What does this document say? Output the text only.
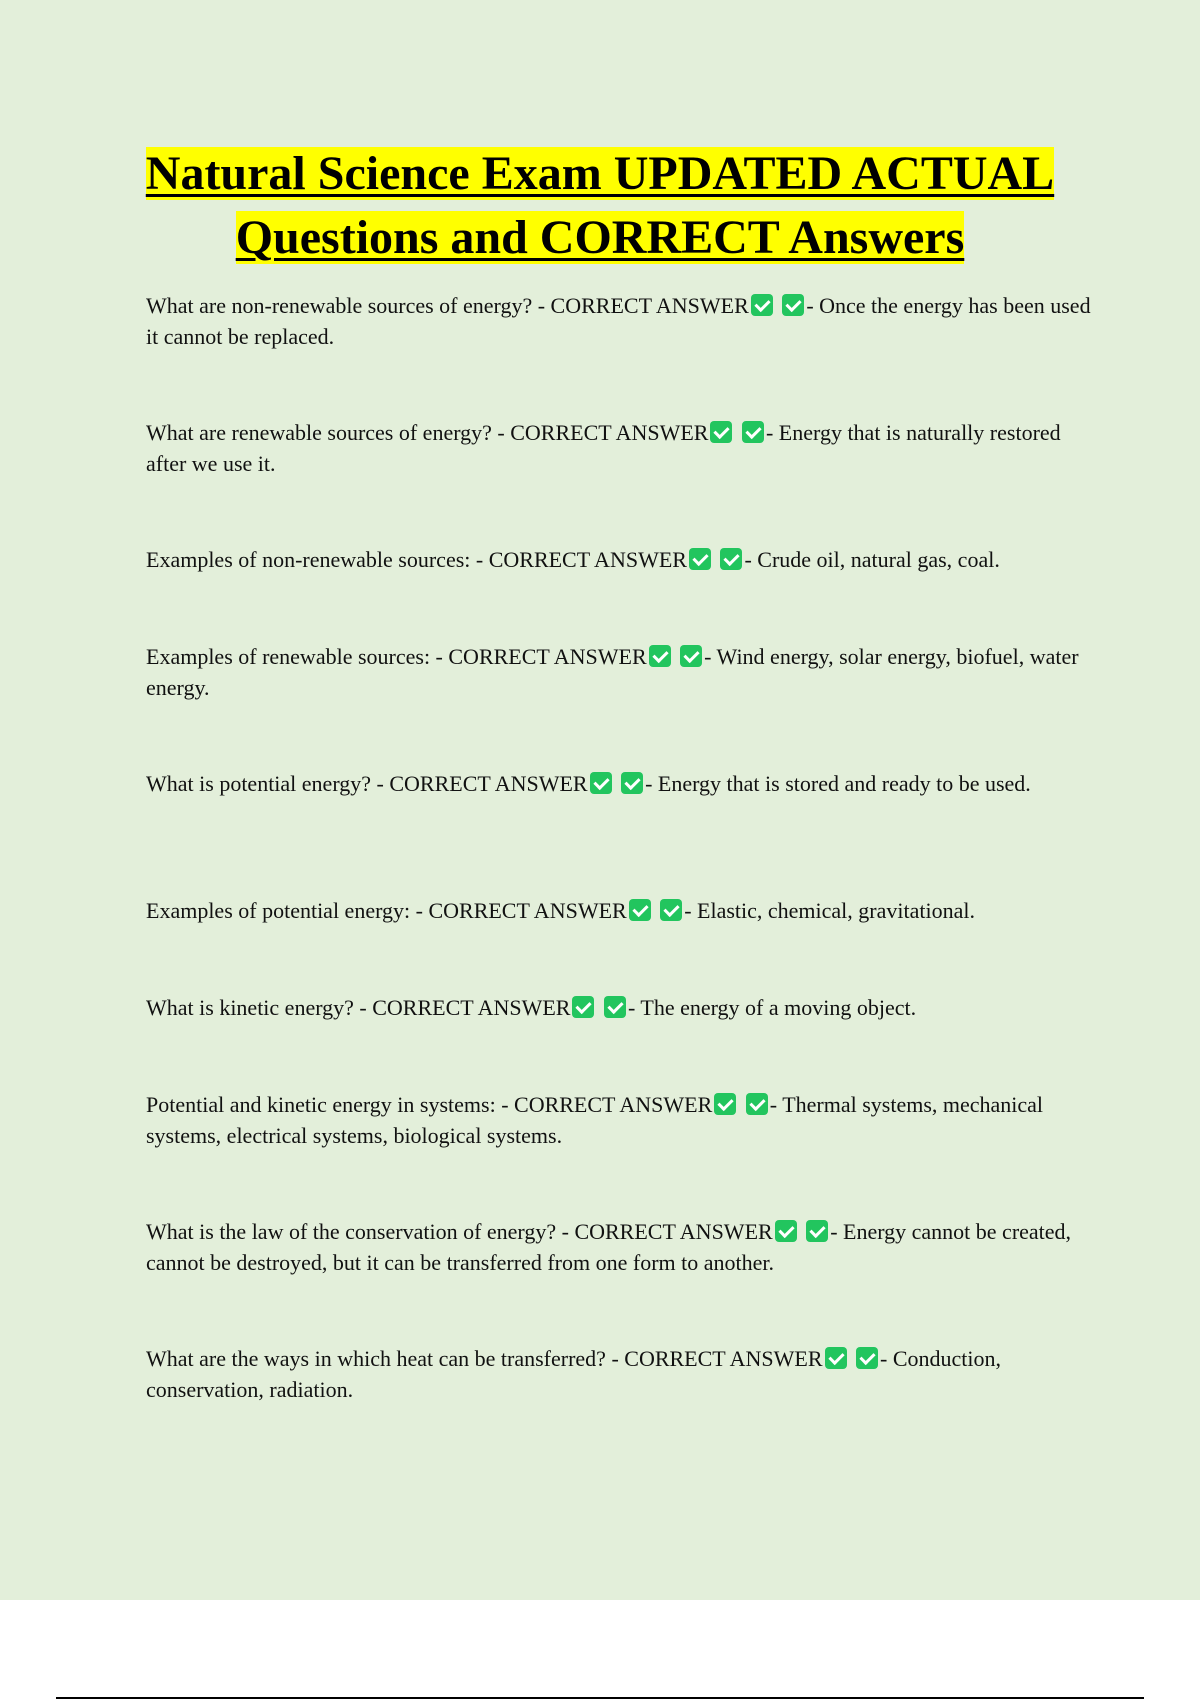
Natural Science Exam UPDATED ACTUAL
Questions and CORRECT Answers

What are non-renewable sources of energy? - CORRECT ANSWER	- Once the energy has been used it cannot be replaced.

What are renewable sources of energy? - CORRECT ANSWER	- Energy that is naturally restored after we use it.

Examples of non-renewable sources: - CORRECT ANSWER	- Crude oil, natural gas, coal.

Examples of renewable sources: - CORRECT ANSWER	- Wind energy, solar energy, biofuel, water energy.

What is potential energy? - CORRECT ANSWER	- Energy that is stored and ready to be used.

Examples of potential energy: - CORRECT ANSWER	- Elastic, chemical, gravitational.

What is kinetic energy? - CORRECT ANSWER	- The energy of a moving object.

Potential and kinetic energy in systems: - CORRECT ANSWER	- Thermal systems, mechanical systems, electrical systems, biological systems.

What is the law of the conservation of energy? - CORRECT ANSWER	- Energy cannot be created, cannot be destroyed, but it can be transferred from one form to another.

What are the ways in which heat can be transferred? - CORRECT ANSWER	- Conduction, conservation, radiation.
